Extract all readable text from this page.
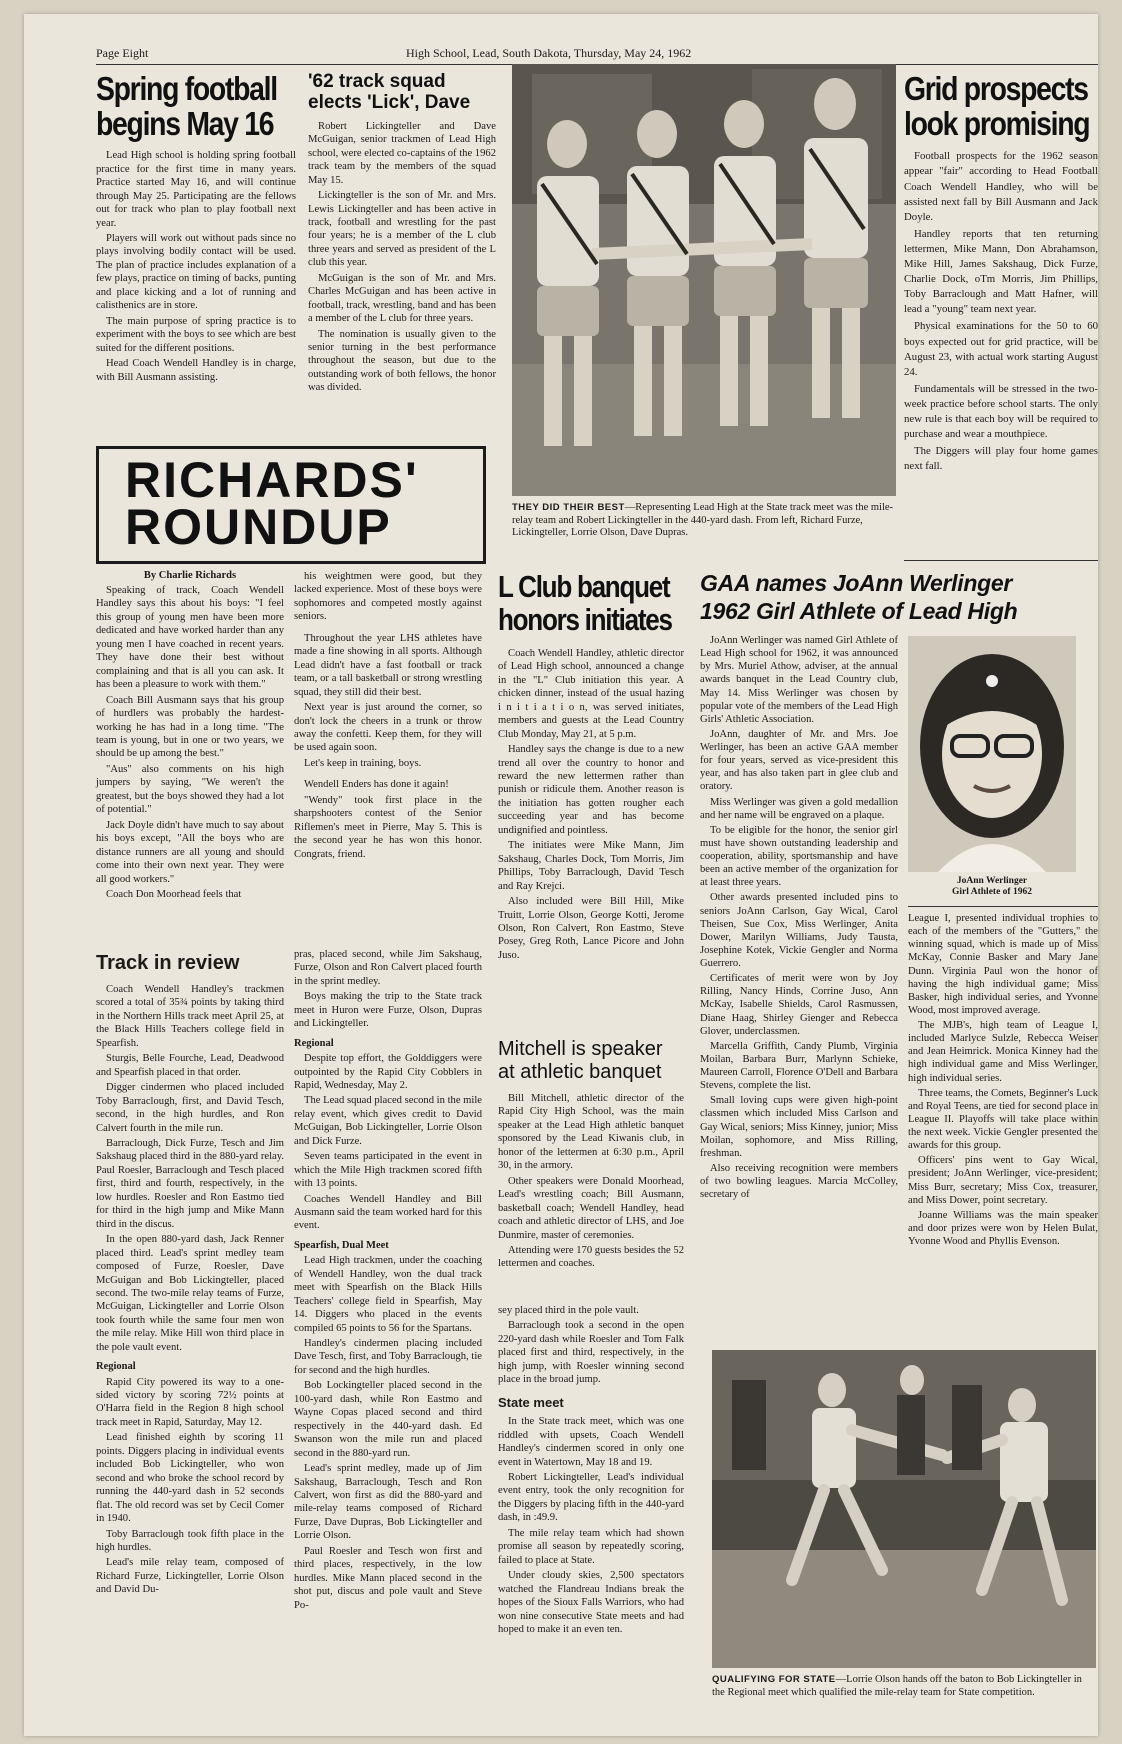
Page Eight	High School, Lead, South Dakota, Thursday, May 24, 1962
Spring football
begins May 16

Lead High school is holding spring football practice for the first time in many years. Practice started May 16, and will continue through May 25. Participating are the fellows out for track who plan to play football next year.

Players will work out without pads since no plays involving bodily contact will be used. The plan of practice includes explanation of a few plays, practice on timing of backs, punting and place kicking and a lot of running and calisthenics are in store.

The main purpose of spring practice is to experiment with the boys to see which are best suited for the different positions.

Head Coach Wendell Handley is in charge, with Bill Ausmann assisting.

'62 track squad
elects 'Lick', Dave

Robert Lickingteller and Dave McGuigan, senior trackmen of Lead High school, were elected co-captains of the 1962 track team by the members of the squad May 15.

Lickingteller is the son of Mr. and Mrs. Lewis Lickingteller and has been active in track, football and wrestling for the past four years; he is a member of the L club three years and served as president of the L club this year.

McGuigan is the son of Mr. and Mrs. Charles McGuigan and has been active in football, track, wrestling, band and has been a member of the L club for three years.

The nomination is usually given to the senior turning in the best performance throughout the season, but due to the outstanding work of both fellows, the honor was divided.

THEY DID THEIR BEST—Representing Lead High at the State track meet was the mile-relay team and Robert Lickingteller in the 440-yard dash. From left, Richard Furze, Lickingteller, Lorrie Olson, Dave Dupras.
Grid prospects
look promising

Football prospects for the 1962 season appear "fair" according to Head Football Coach Wendell Handley, who will be assisted next fall by Bill Ausmann and Jack Doyle.

Handley reports that ten returning lettermen, Mike Mann, Don Abrahamson, Mike Hill, James Sakshaug, Dick Furze, Charlie Dock, oTm Morris, Jim Phillips, Toby Barraclough and Matt Hafner, will lead a "young" team next year.

Physical examinations for the 50 to 60 boys expected out for grid practice, will be August 23, with actual work starting August 24.

Fundamentals will be stressed in the two-week practice before school starts. The only new rule is that each boy will be required to purchase and wear a mouthpiece.

The Diggers will play four home games next fall.

RICHARDS'
ROUNDUP
By Charlie Richards

Speaking of track, Coach Wendell Handley says this about his boys: "I feel this group of young men have been more dedicated and have worked harder than any young men I have coached in recent years. They have done their best without complaining and that is all you can ask. It has been a pleasure to work with them."

Coach Bill Ausmann says that his group of hurdlers was probably the hardest-working he has had in a long time. "The team is young, but in one or two years, we should be up among the best."

"Aus" also comments on his high jumpers by saying, "We weren't the greatest, but the boys showed they had a lot of potential."

Jack Doyle didn't have much to say about his boys except, "All the boys who are distance runners are all young and should come into their own next year. They were all good workers."

Coach Don Moorhead feels that

his weightmen were good, but they lacked experience. Most of these boys were sophomores and competed mostly against seniors.

Throughout the year LHS athletes have made a fine showing in all sports. Although Lead didn't have a fast football or track team, or a tall basketball or strong wrestling squad, they still did their best.

Next year is just around the corner, so don't lock the cheers in a trunk or throw away the confetti. Keep them, for they will be used again soon.

Let's keep in training, boys.

Wendell Enders has done it again!

"Wendy" took first place in the sharpshooters contest of the Senior Riflemen's meet in Pierre, May 5. This is the second year he has won this honor. Congrats, friend.

Track in review

Coach Wendell Handley's trackmen scored a total of 35¾ points by taking third in the Northern Hills track meet April 25, at the Black Hills Teachers college field in Spearfish.

Sturgis, Belle Fourche, Lead, Deadwood and Spearfish placed in that order.

Digger cindermen who placed included Toby Barraclough, first, and David Tesch, second, in the high hurdles, and Ron Calvert fourth in the mile run.

Barraclough, Dick Furze, Tesch and Jim Sakshaug placed third in the 880-yard relay. Paul Roesler, Barraclough and Tesch placed first, third and fourth, respectively, in the low hurdles. Roesler and Ron Eastmo tied for third in the high jump and Mike Mann third in the discus.

In the open 880-yard dash, Jack Renner placed third. Lead's sprint medley team composed of Furze, Roesler, Dave McGuigan and Bob Lickingteller, placed second. The two-mile relay teams of Furze, McGuigan, Lickingteller and Lorrie Olson took fourth while the same four men won the mile relay. Mike Hill won third place in the pole vault event.

Regional

Rapid City powered its way to a one-sided victory by scoring 72½ points at O'Harra field in the Region 8 high school track meet in Rapid, Saturday, May 12.

Lead finished eighth by scoring 11 points. Diggers placing in individual events included Bob Lickingteller, who won second and who broke the school record by running the 440-yard dash in 52 seconds flat. The old record was set by Cecil Comer in 1940.

Toby Barraclough took fifth place in the high hurdles.

Lead's mile relay team, composed of Richard Furze, Lickingteller, Lorrie Olson and David Du-

pras, placed second, while Jim Sakshaug, Furze, Olson and Ron Calvert placed fourth in the sprint medley.

Boys making the trip to the State track meet in Huron were Furze, Olson, Dupras and Lickingteller.

Regional

Despite top effort, the Golddiggers were outpointed by the Rapid City Cobblers in Rapid, Wednesday, May 2.

The Lead squad placed second in the mile relay event, which gives credit to David McGuigan, Bob Lickingteller, Lorrie Olson and Dick Furze.

Seven teams participated in the event in which the Mile High trackmen scored fifth with 13 points.

Coaches Wendell Handley and Bill Ausmann said the team worked hard for this event.

Spearfish, Dual Meet

Lead High trackmen, under the coaching of Wendell Handley, won the dual track meet with Spearfish on the Black Hills Teachers' college field in Spearfish, May 14. Diggers who placed in the events compiled 65 points to 56 for the Spartans.

Handley's cindermen placing included Dave Tesch, first, and Toby Barraclough, tie for second and the high hurdles.

Bob Lockingteller placed second in the 100-yard dash, while Ron Eastmo and Wayne Copas placed second and third respectively in the 440-yard dash. Ed Swanson won the mile run and placed second in the 880-yard run.

Lead's sprint medley, made up of Jim Sakshaug, Barraclough, Tesch and Ron Calvert, won first as did the 880-yard and mile-relay teams composed of Richard Furze, Dave Dupras, Bob Lickingteller and Lorrie Olson.

Paul Roesler and Tesch won first and third places, respectively, in the low hurdles. Mike Mann placed second in the shot put, discus and pole vault and Steve Po-

L Club banquet
honors initiates

Coach Wendell Handley, athletic director of Lead High school, announced a change in the "L" Club initiation this year. A chicken dinner, instead of the usual hazing i n i t i a t i o n, was served initiates, members and guests at the Lead Country Club Monday, May 21, at 5 p.m.

Handley says the change is due to a new trend all over the country to honor and reward the new lettermen rather than punish or ridicule them. Another reason is the initiation has gotten rougher each succeeding year and has become undignified and pointless.

The initiates were Mike Mann, Jim Sakshaug, Charles Dock, Tom Morris, Jim Phillips, Toby Barraclough, David Tesch and Ray Krejci.

Also included were Bill Hill, Mike Truitt, Lorrie Olson, George Kotti, Jerome Olson, Ron Calvert, Ron Eastmo, Steve Posey, Greg Roth, Lance Picore and John Juso.

Mitchell is speaker
at athletic banquet

Bill Mitchell, athletic director of the Rapid City High School, was the main speaker at the Lead High athletic banquet sponsored by the Lead Kiwanis club, in honor of the lettermen at 6:30 p.m., April 30, in the armory.

Other speakers were Donald Moorhead, Lead's wrestling coach; Bill Ausmann, basketball coach; Wendell Handley, head coach and athletic director of LHS, and Joe Dunmire, master of ceremonies.

Attending were 170 guests besides the 52 lettermen and coaches.

sey placed third in the pole vault.

Barraclough took a second in the open 220-yard dash while Roesler and Tom Falk placed first and third, respectively, in the high jump, with Roesler winning second place in the broad jump.

State meet

In the State track meet, which was one riddled with upsets, Coach Wendell Handley's cindermen scored in only one event in Watertown, May 18 and 19.

Robert Lickingteller, Lead's individual event entry, took the only recognition for the Diggers by placing fifth in the 440-yard dash, in :49.9.

The mile relay team which had shown promise all season by repeatedly scoring, failed to place at State.

Under cloudy skies, 2,500 spectators watched the Flandreau Indians break the hopes of the Sioux Falls Warriors, who had won nine consecutive State meets and had hoped to make it an even ten.

GAA names JoAnn Werlinger
1962 Girl Athlete of Lead High

JoAnn Werlinger was named Girl Athlete of Lead High school for 1962, it was announced by Mrs. Muriel Athow, adviser, at the annual awards banquet in the Lead Country club, May 14. Miss Werlinger was chosen by popular vote of the members of the Lead High Girls' Athletic Association.

JoAnn, daughter of Mr. and Mrs. Joe Werlinger, has been an active GAA member for four years, served as vice-president this year, and has also taken part in glee club and oratory.

Miss Werlinger was given a gold medallion and her name will be engraved on a plaque.

To be eligible for the honor, the senior girl must have shown outstanding leadership and cooperation, ability, sportsmanship and have been an active member of the organization for at least three years.

Other awards presented included pins to seniors JoAnn Carlson, Gay Wical, Carol Theisen, Sue Cox, Miss Werlinger, Anita Dower, Marilyn Williams, Judy Tausta, Josephine Kotek, Vickie Gengler and Norma Guerrero.

Certificates of merit were won by Joy Rilling, Nancy Hinds, Corrine Juso, Ann McKay, Isabelle Shields, Carol Rasmussen, Diane Haag, Shirley Gienger and Rebecca Glover, underclassmen.

Marcella Griffith, Candy Plumb, Virginia Moilan, Barbara Burr, Marlynn Schieke, Maureen Carroll, Florence O'Dell and Barbara Stevens, complete the list.

Small loving cups were given high-point classmen which included Miss Carlson and Gay Wical, seniors; Miss Kinney, junior; Miss Moilan, sophomore, and Miss Rilling, freshman.

Also receiving recognition were members of two bowling leagues. Marcia McColley, secretary of

JoAnn Werlinger
Girl Athlete of 1962

League I, presented individual trophies to each of the members of the "Gutters," the winning squad, which is made up of Miss McKay, Connie Basker and Mary Jane Dunn. Virginia Paul won the honor of having the high individual game; Miss Basker, high individual series, and Yvonne Wood, most improved average.

The MJB's, high team of League I, included Marlyce Sulzle, Rebecca Weiser and Jean Heimrick. Monica Kinney had the high individual game and Miss Werlinger, high individual series.

Three teams, the Comets, Beginner's Luck and Royal Teens, are tied for second place in League II. Playoffs will take place within the next week. Vickie Gengler presented the awards for this group.

Officers' pins went to Gay Wical, president; JoAnn Werlinger, vice-president; Miss Burr, secretary; Miss Cox, treasurer, and Miss Dower, point secretary.

Joanne Williams was the main speaker and door prizes were won by Helen Bulat, Yvonne Wood and Phyllis Evenson.

QUALIFYING FOR STATE—Lorrie Olson hands off the baton to Bob Lickingteller in the Regional meet which qualified the mile-relay team for State competition.
